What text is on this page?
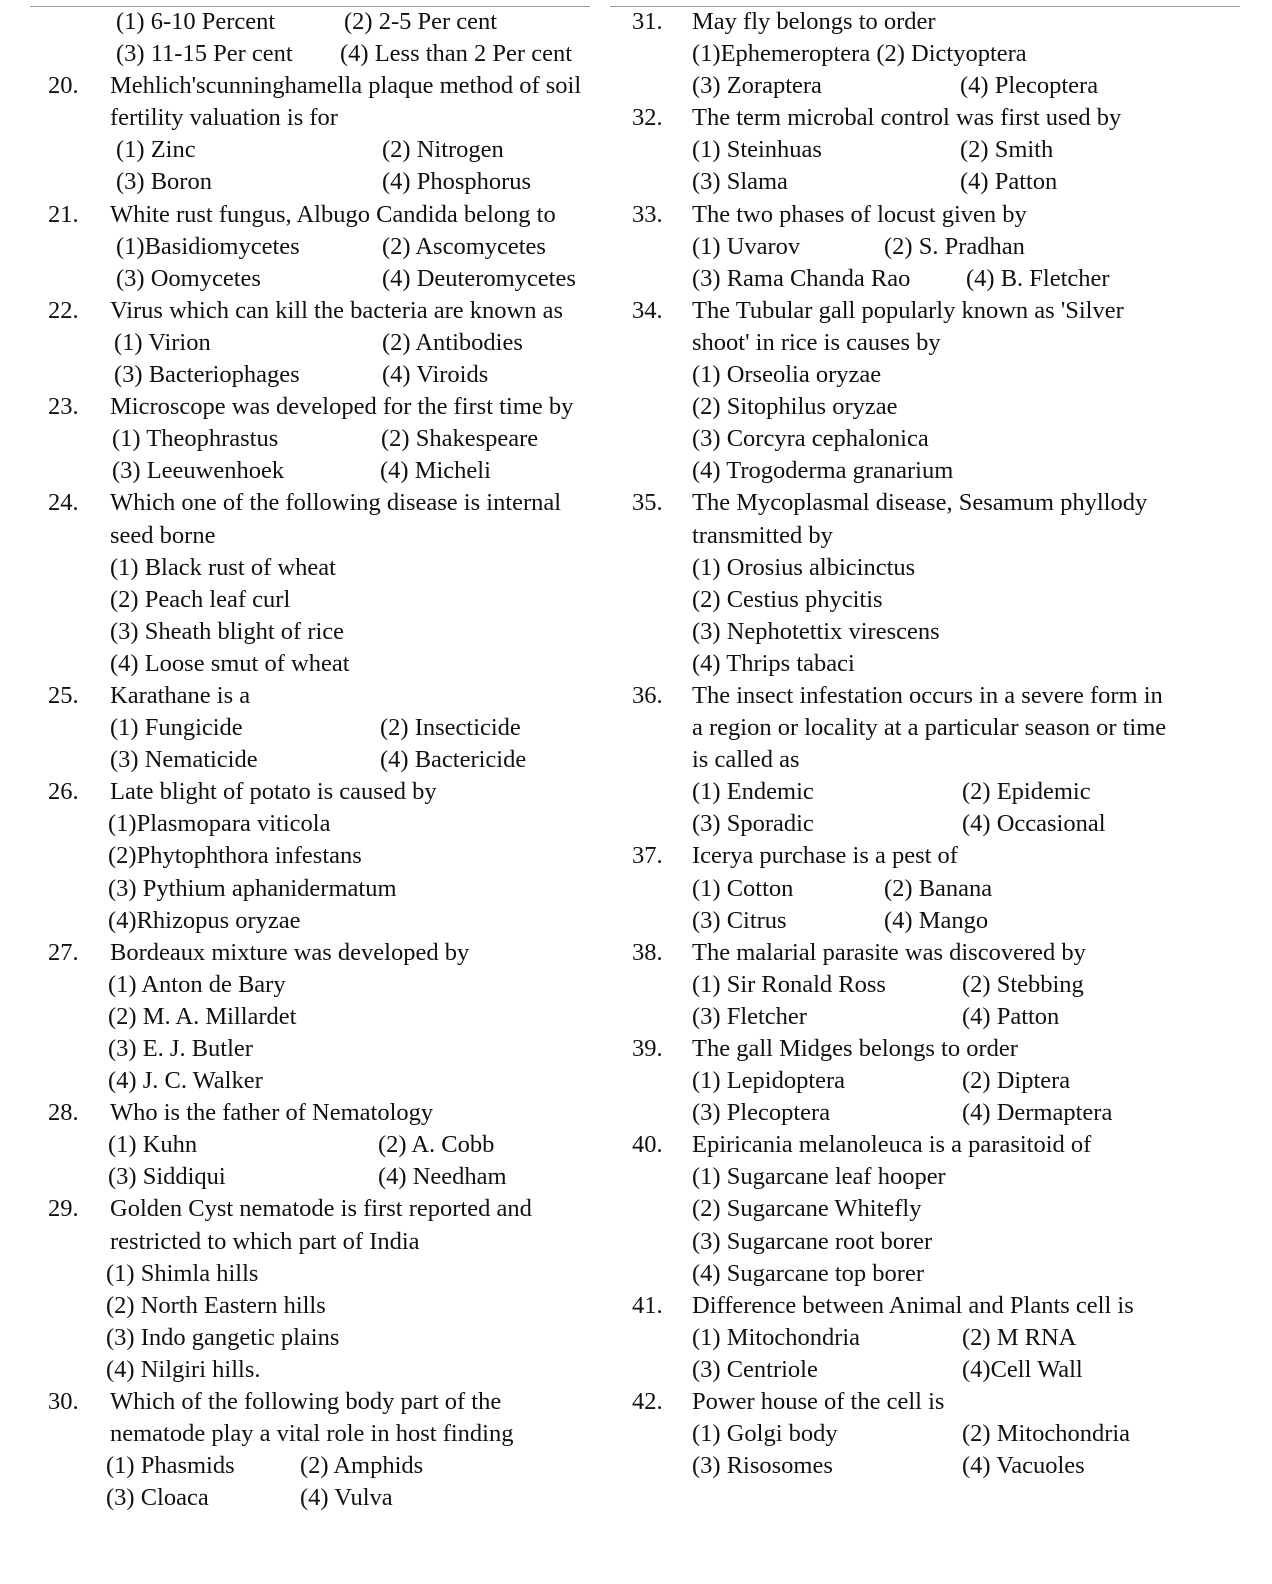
(1) 6-10 Percent	(2) 2-5 Per cent
(3) 11-15 Per cent (4) Less than 2 Per cent
20. Mehlich'scunninghamella plaque method of soil
fertility valuation is for
(1) Zinc	(2) Nitrogen
(3) Boron	(4) Phosphorus
21. White rust fungus, Albugo Candida belong to
(1)Basidiomycetes	(2) Ascomycetes
(3) Oomycetes	(4) Deuteromycetes
22. Virus which can kill the bacteria are known as
(1) Virion	(2) Antibodies
(3) Bacteriophages	(4) Viroids
23. Microscope was developed for the first time by
(1) Theophrastus	(2) Shakespeare
(3) Leeuwenhoek	(4) Micheli
24. Which one of the following disease is internal
seed borne
(1) Black rust of wheat
(2) Peach leaf curl
(3) Sheath blight of rice
(4) Loose smut of wheat
25. Karathane is a
(1) Fungicide	(2) Insecticide
(3) Nematicide	(4) Bactericide
26. Late blight of potato is caused by
(1)Plasmopara viticola
(2)Phytophthora infestans
(3) Pythium aphanidermatum
(4)Rhizopus oryzae
27. Bordeaux mixture was developed by
(1) Anton de Bary
(2) M. A. Millardet
(3) E. J. Butler
(4) J. C. Walker
28. Who is the father of Nematology
(1) Kuhn	(2) A. Cobb
(3) Siddiqui	(4) Needham
29. Golden Cyst nematode is first reported and
restricted to which part of India
(1) Shimla hills
(2) North Eastern hills
(3) Indo gangetic plains
(4) Nilgiri hills.
30. Which of the following body part of the
nematode play a vital role in host finding
(1) Phasmids	(2) Amphids
(3) Cloaca	(4) Vulva
31. May fly belongs to order
(1)Ephemeroptera (2) Dictyoptera
(3) Zoraptera	(4) Plecoptera
32. The term microbal control was first used by
(1) Steinhuas	(2) Smith
(3) Slama	(4) Patton
33. The two phases of locust given by
(1) Uvarov	(2) S. Pradhan
(3) Rama Chanda Rao (4) B. Fletcher
34. The Tubular gall popularly known as 'Silver
shoot' in rice is causes by
(1) Orseolia oryzae
(2) Sitophilus oryzae
(3) Corcyra cephalonica
(4) Trogoderma granarium
35. The Mycoplasmal disease, Sesamum phyllody
transmitted by
(1) Orosius albicinctus
(2) Cestius phycitis
(3) Nephotettix virescens
(4) Thrips tabaci
36. The insect infestation occurs in a severe form in
a region or locality at a particular season or time
is called as
(1) Endemic	(2) Epidemic
(3) Sporadic	(4) Occasional
37. Icerya purchase is a pest of
(1) Cotton	(2) Banana
(3) Citrus	(4) Mango
38. The malarial parasite was discovered by
(1) Sir Ronald Ross	(2) Stebbing
(3) Fletcher	(4) Patton
39. The gall Midges belongs to order
(1) Lepidoptera	(2) Diptera
(3) Plecoptera	(4) Dermaptera
40. Epiricania melanoleuca is a parasitoid of
(1) Sugarcane leaf hooper
(2) Sugarcane Whitefly
(3) Sugarcane root borer
(4) Sugarcane top borer
41. Difference between Animal and Plants cell is
(1) Mitochondria	(2) M RNA
(3) Centriole	(4)Cell Wall
42. Power house of the cell is
(1) Golgi body	(2) Mitochondria
(3) Risosomes	(4) Vacuoles
